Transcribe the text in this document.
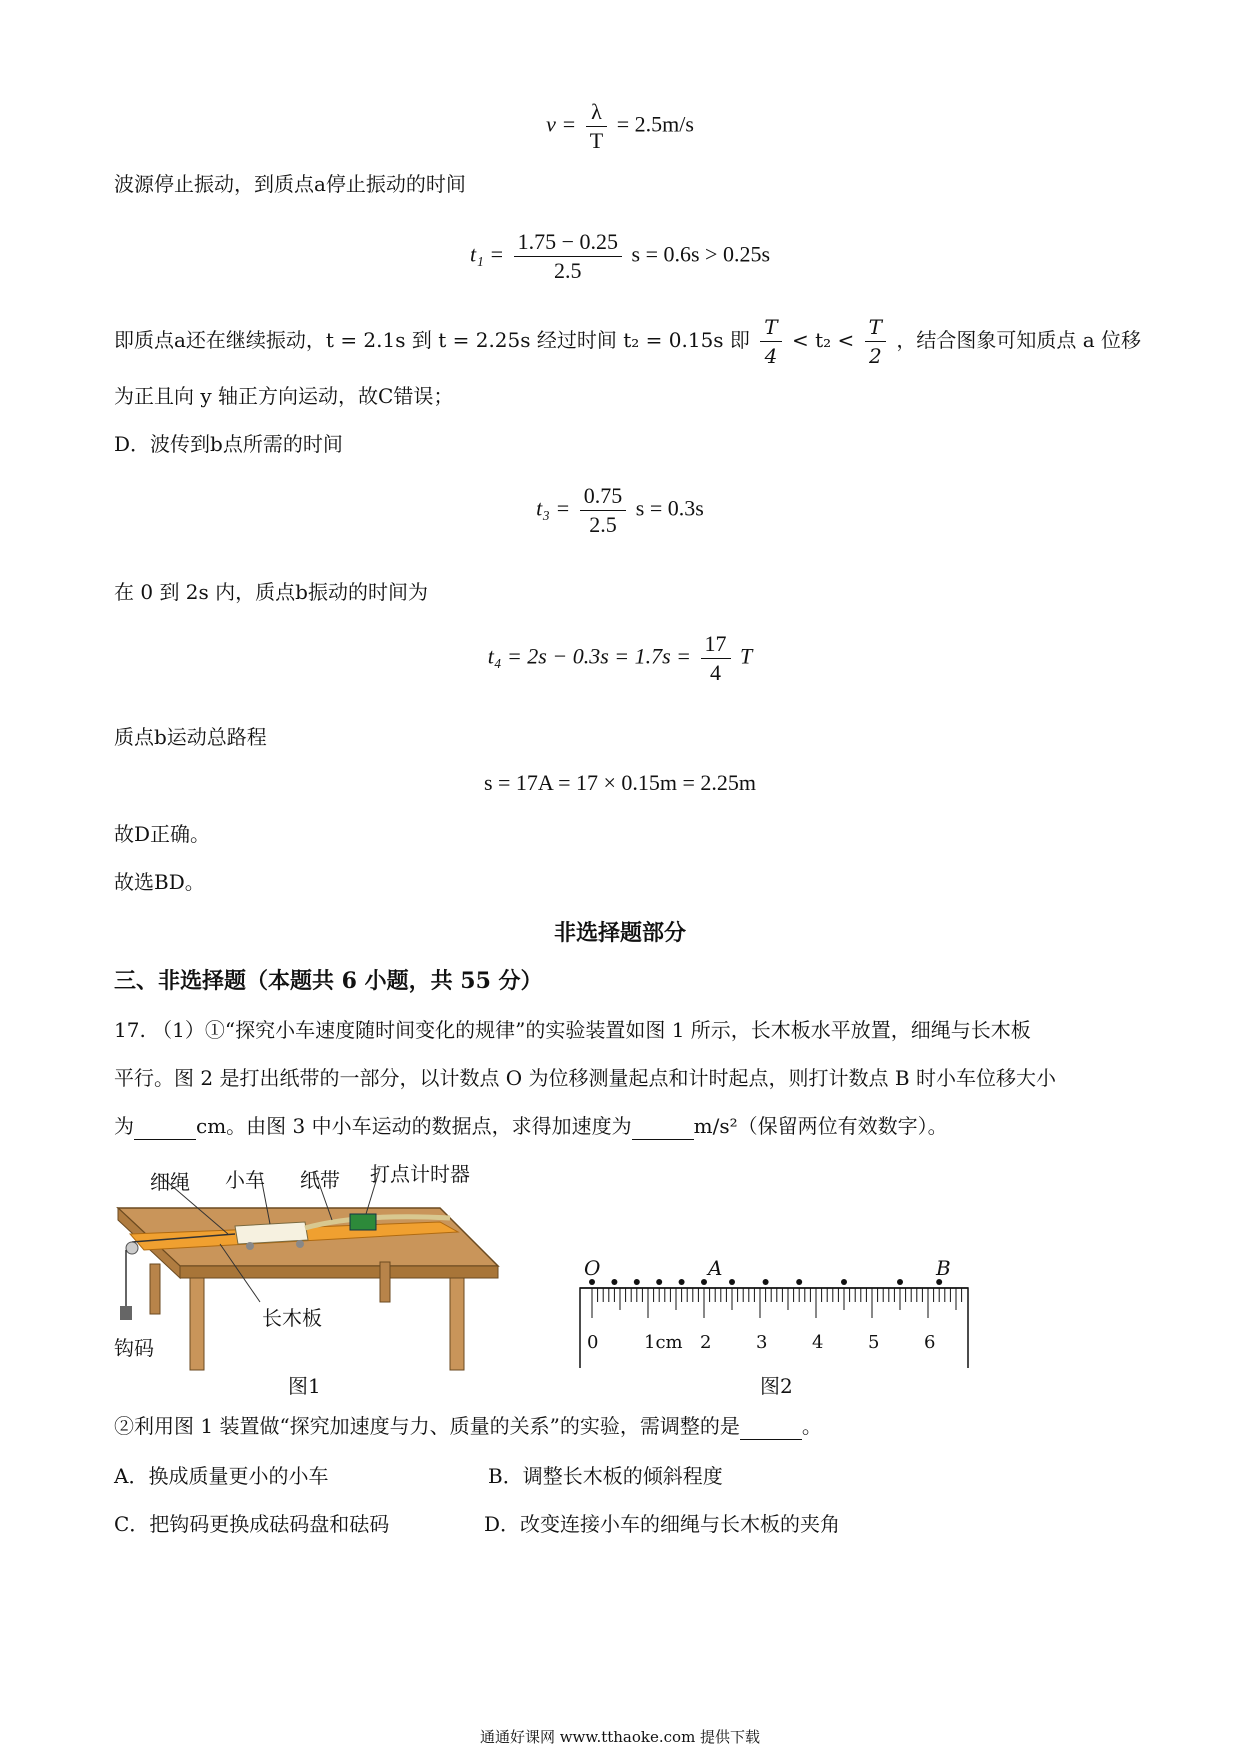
$v = \frac{\lambda}{T} = 2.5m/s$
波源停止振动，到质点a停止振动的时间
$t_1 = \frac{1.75 - 0.25}{2.5}$ s = 0.6s > 0.25s
即质点a还在继续振动，t = 2.1s 到 t = 2.25s 经过时间 t₂ = 0.15s 即 $\frac{T}{4} < t_2 < \frac{T}{2}$ ，结合图象可知质点 a 位移
为正且向 y 轴正方向运动，故C错误；
D．波传到b点所需的时间
$t_3 = \frac{0.75}{2.5}$ s = 0.3s
在 0 到 2s 内，质点b振动的时间为
$t_4 = 2s - 0.3s = 1.7s = \frac{17}{4}$ T
质点b运动总路程
s = 17A = 17 × 0.15m = 2.25m
故D正确。
故选BD。
非选择题部分
三、非选择题（本题共 6 小题，共 55 分）
17. （1）①“探究小车速度随时间变化的规律”的实验装置如图 1 所示，长木板水平放置，细绳与长木板
平行。图 2 是打出纸带的一部分，以计数点 O 为位移测量起点和计时起点，则打计数点 B 时小车位移大小
为	cm。由图 3 中小车运动的数据点，求得加速度为	m/s²（保留两位有效数字）。
细绳 小车 纸带 打点计时器
长木板
钩码
图1
O	A	B
0	1cm 2 3 4 5 6
图2
②利用图 1 装置做“探究加速度与力、质量的关系”的实验，需调整的是	。
A．换成质量更小的小车	B．调整长木板的倾斜程度
C．把钩码更换成砝码盘和砝码	D．改变连接小车的细绳与长木板的夹角
通通好课网 www.tthaoke.com 提供下载
